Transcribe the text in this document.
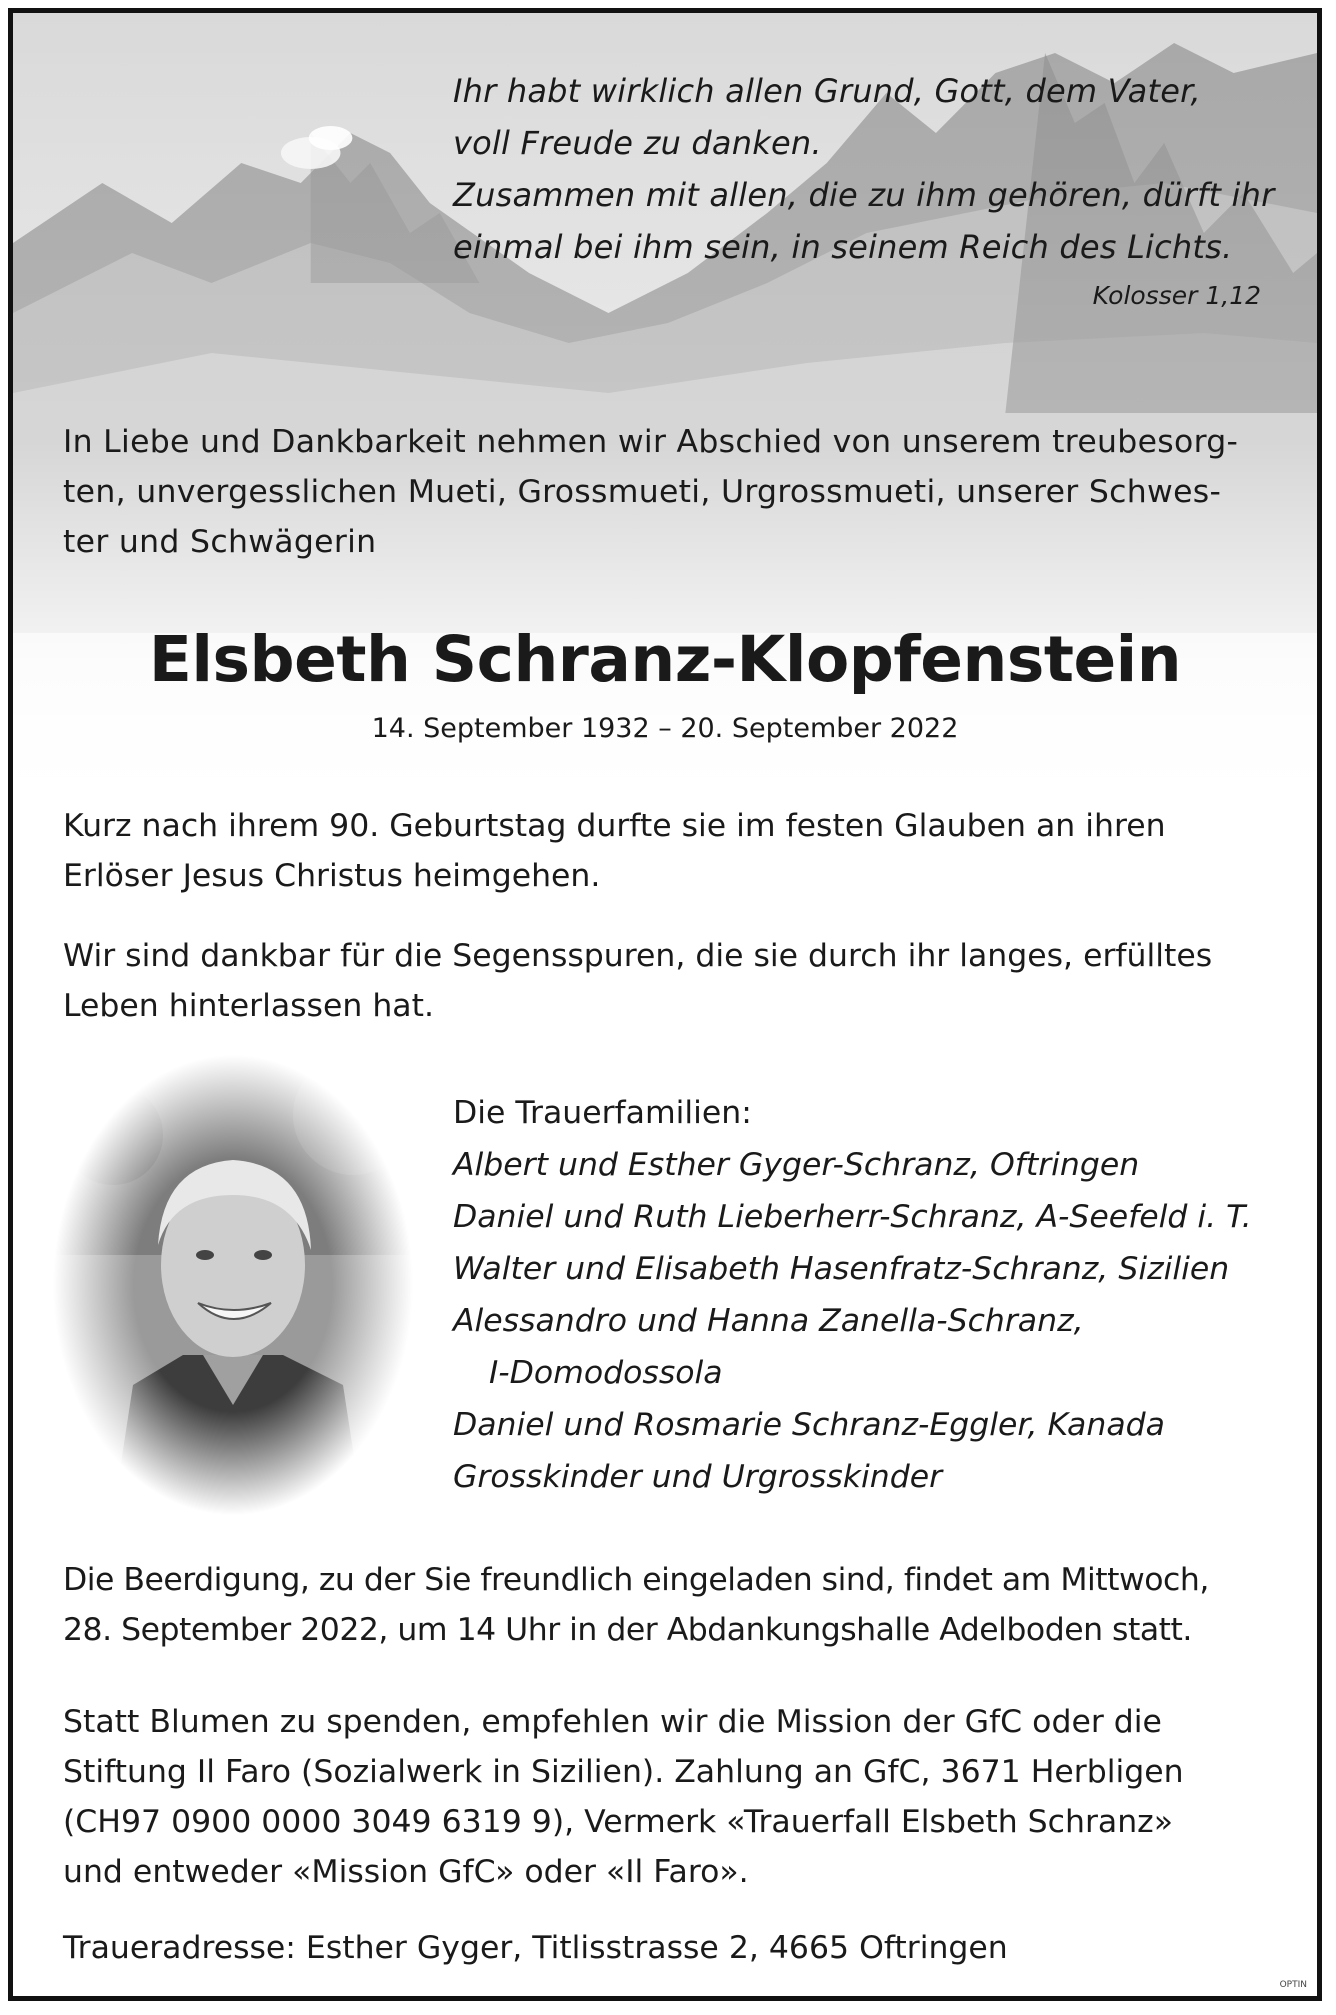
Ihr habt wirklich allen Grund, Gott, dem Vater,
voll Freude zu danken.
Zusammen mit allen, die zu ihm gehören, dürft ihr
einmal bei ihm sein, in seinem Reich des Lichts.
Kolosser 1,12
In Liebe und Dankbarkeit nehmen wir Abschied von unserem treubesorg-
ten, unvergesslichen Mueti, Grossmueti, Urgrossmueti, unserer Schwes-
ter und Schwägerin
Elsbeth Schranz-Klopfenstein
14. September 1932 – 20. September 2022
Kurz nach ihrem 90. Geburtstag durfte sie im festen Glauben an ihren
Erlöser Jesus Christus heimgehen.
Wir sind dankbar für die Segensspuren, die sie durch ihr langes, erfülltes
Leben hinterlassen hat.
Die Trauerfamilien:
Albert und Esther Gyger-Schranz, Oftringen
Daniel und Ruth Lieberherr-Schranz, A-Seefeld i. T.
Walter und Elisabeth Hasenfratz-Schranz, Sizilien
Alessandro und Hanna Zanella-Schranz,
I-Domodossola
Daniel und Rosmarie Schranz-Eggler, Kanada
Grosskinder und Urgrosskinder
Die Beerdigung, zu der Sie freundlich eingeladen sind, findet am Mittwoch,
28. September 2022, um 14 Uhr in der Abdankungshalle Adelboden statt.
Statt Blumen zu spenden, empfehlen wir die Mission der GfC oder die
Stiftung Il Faro (Sozialwerk in Sizilien). Zahlung an GfC, 3671 Herbligen
(CH97 0900 0000 3049 6319 9), Vermerk «Trauerfall Elsbeth Schranz»
und entweder «Mission GfC» oder «Il Faro».
Traueradresse: Esther Gyger, Titlisstrasse 2, 4665 Oftringen
OPTIN
